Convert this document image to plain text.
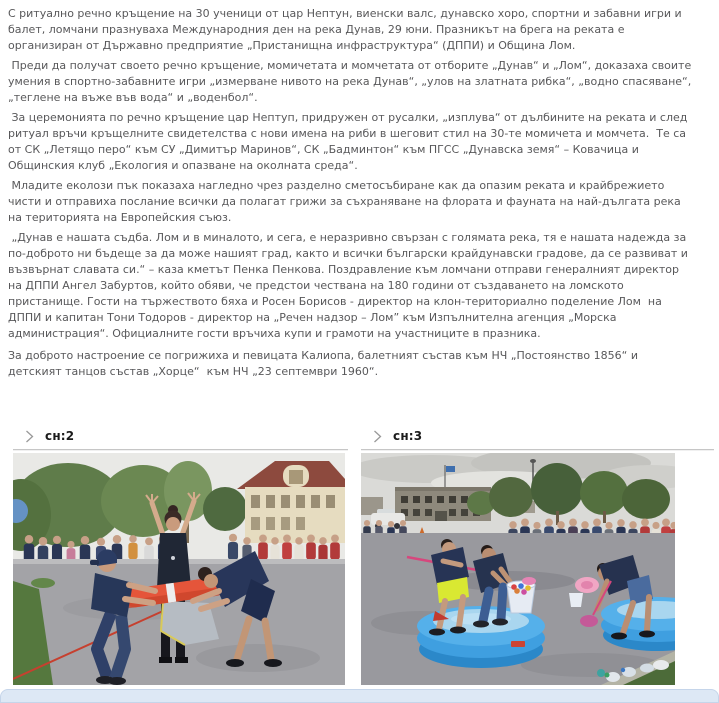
С ритуално речно кръщение на 30 ученици от цар Нептун, виенски валс, дунавско хоро, спортни и забавни игри и балет, ломчани празнуваха Международния ден на река Дунав, 29 юни. Празникът на брега на реката е организиран от Държавно предприятие „Пристанищна инфраструктура“ (ДППИ) и Община Лом.

Преди да получат своето речно кръщение, момичетата и момчетата от отборите „Дунав“ и „Лом“, доказаха своите умения в спортно-забавните игри „измерване нивото на река Дунав“, „улов на златната рибка“, „водно спасяване“, „теглене на въже във вода“ и „воденбол“.

За церемонията по речно кръщение цар Нептуп, придружен от русалки, „изплува“ от дълбините на реката и след ритуал връчи кръщелните свидетелства с нови имена на риби в шеговит стил на 30-те момичета и момчета.  Те са от СК „Летящо перо“ към СУ „Димитър Маринов“, СК „Бадминтон“ към ПГСС „Дунавска земя“ – Ковачица и Общинския клуб „Екология и опазване на околната среда“.

Младите еколози пък показаха нагледно чрез разделно сметосъбиране как да опазим реката и крайбрежието чисти и отправиха послание всички да полагат грижи за съхраняване на флората и фауната на най-дългата река на територията на Европейския съюз.

„Дунав е нашата съдба. Лом и в миналото, и сега, е неразривно свързан с голямата река, тя е нашата надежда за по-доброто ни бъдеще за да може нашият град, както и всички български крайдунавски градове, да се развиват и възвърнат славата си.“ – каза кметът Пенка Пенкова. Поздравление към ломчани отправи генералният директор на ДППИ Ангел Забуртов, който обяви, че предстои чествана на 180 години от създаването на ломското пристанище. Гости на тържеството бяха и Росен Борисов - директор на клон-териториално поделение Лом  на ДППИ и капитан Тони Тодоров - директор на „Речен надзор – Лом” към Изпълнителна агенция „Морска администрация“. Официалните гости връчиха купи и грамоти на участниците в празника.

За доброто настроение се погрижиха и певицата Калиопа, балетният състав към НЧ „Постоянство 1856“ и детският танцов състав „Хорце“  към НЧ „23 септември 1960“.

сн:2	сн:3
